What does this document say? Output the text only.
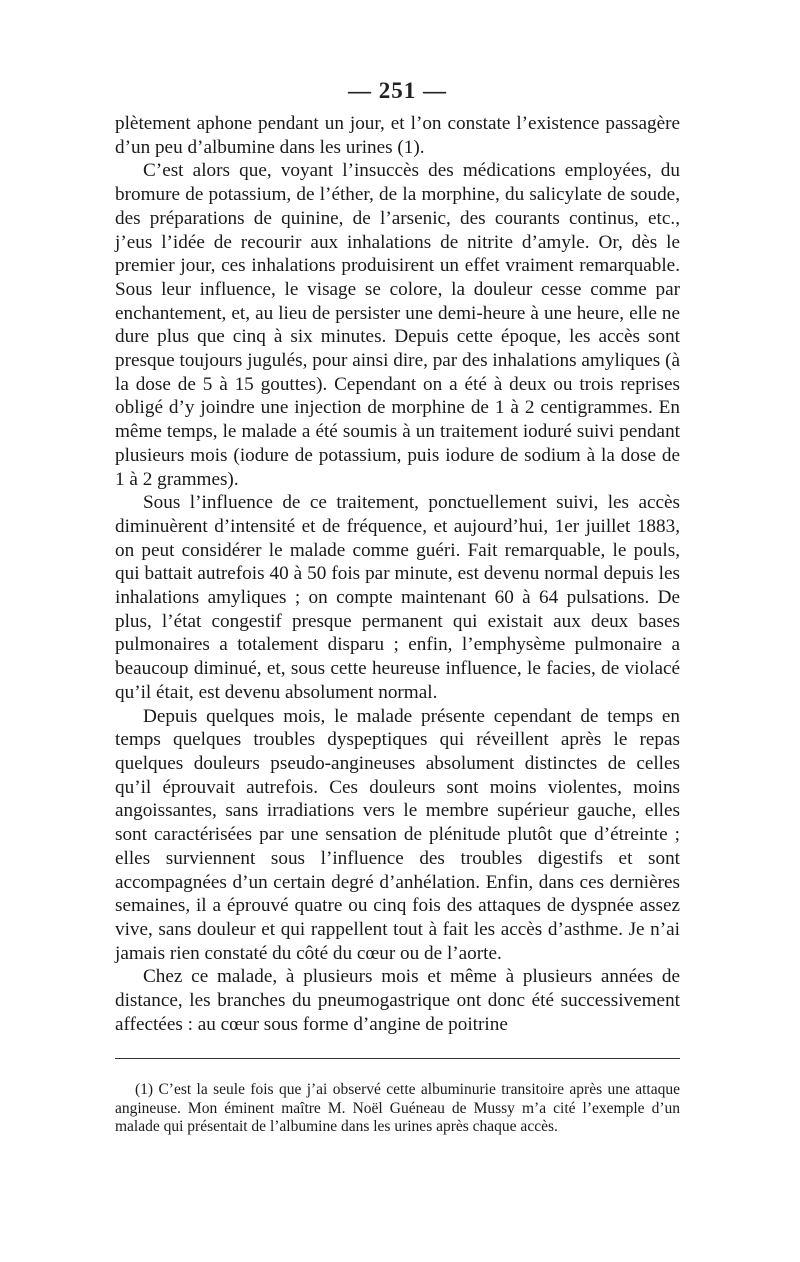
— 251 —

plètement aphone pendant un jour, et l’on constate l’existence passagère d’un peu d’albumine dans les urines (1).

C’est alors que, voyant l’insuccès des médications employées, du bromure de potassium, de l’éther, de la morphine, du salicylate de soude, des préparations de quinine, de l’arsenic, des courants continus, etc., j’eus l’idée de recourir aux inhalations de nitrite d’amyle. Or, dès le premier jour, ces inhalations produisirent un effet vraiment remarquable. Sous leur influence, le visage se colore, la douleur cesse comme par enchantement, et, au lieu de persister une demi-heure à une heure, elle ne dure plus que cinq à six minutes. Depuis cette époque, les accès sont presque toujours jugulés, pour ainsi dire, par des inhalations amyliques (à la dose de 5 à 15 gouttes). Cependant on a été à deux ou trois reprises obligé d’y joindre une injection de morphine de 1 à 2 centigrammes. En même temps, le malade a été soumis à un traitement ioduré suivi pendant plusieurs mois (iodure de potassium, puis iodure de sodium à la dose de 1 à 2 grammes).

Sous l’influence de ce traitement, ponctuellement suivi, les accès diminuèrent d’intensité et de fréquence, et aujourd’hui, 1er juillet 1883, on peut considérer le malade comme guéri. Fait remarquable, le pouls, qui battait autrefois 40 à 50 fois par minute, est devenu normal depuis les inhalations amyliques ; on compte maintenant 60 à 64 pulsations. De plus, l’état congestif presque permanent qui existait aux deux bases pulmonaires a totalement disparu ; enfin, l’emphysème pulmonaire a beaucoup diminué, et, sous cette heureuse influence, le facies, de violacé qu’il était, est devenu absolument normal.

Depuis quelques mois, le malade présente cependant de temps en temps quelques troubles dyspeptiques qui réveillent après le repas quelques douleurs pseudo-angineuses absolument distinctes de celles qu’il éprouvait autrefois. Ces douleurs sont moins violentes, moins angoissantes, sans irradiations vers le membre supérieur gauche, elles sont caractérisées par une sensation de plénitude plutôt que d’étreinte ; elles surviennent sous l’influence des troubles digestifs et sont accompagnées d’un certain degré d’anhélation. Enfin, dans ces dernières semaines, il a éprouvé quatre ou cinq fois des attaques de dyspnée assez vive, sans douleur et qui rappellent tout à fait les accès d’asthme. Je n’ai jamais rien constaté du côté du cœur ou de l’aorte.

Chez ce malade, à plusieurs mois et même à plusieurs années de distance, les branches du pneumogastrique ont donc été successivement affectées : au cœur sous forme d’angine de poitrine

(1) C’est la seule fois que j’ai observé cette albuminurie transitoire après une attaque angineuse. Mon éminent maître M. Noël Guéneau de Mussy m’a cité l’exemple d’un malade qui présentait de l’albumine dans les urines après chaque accès.
